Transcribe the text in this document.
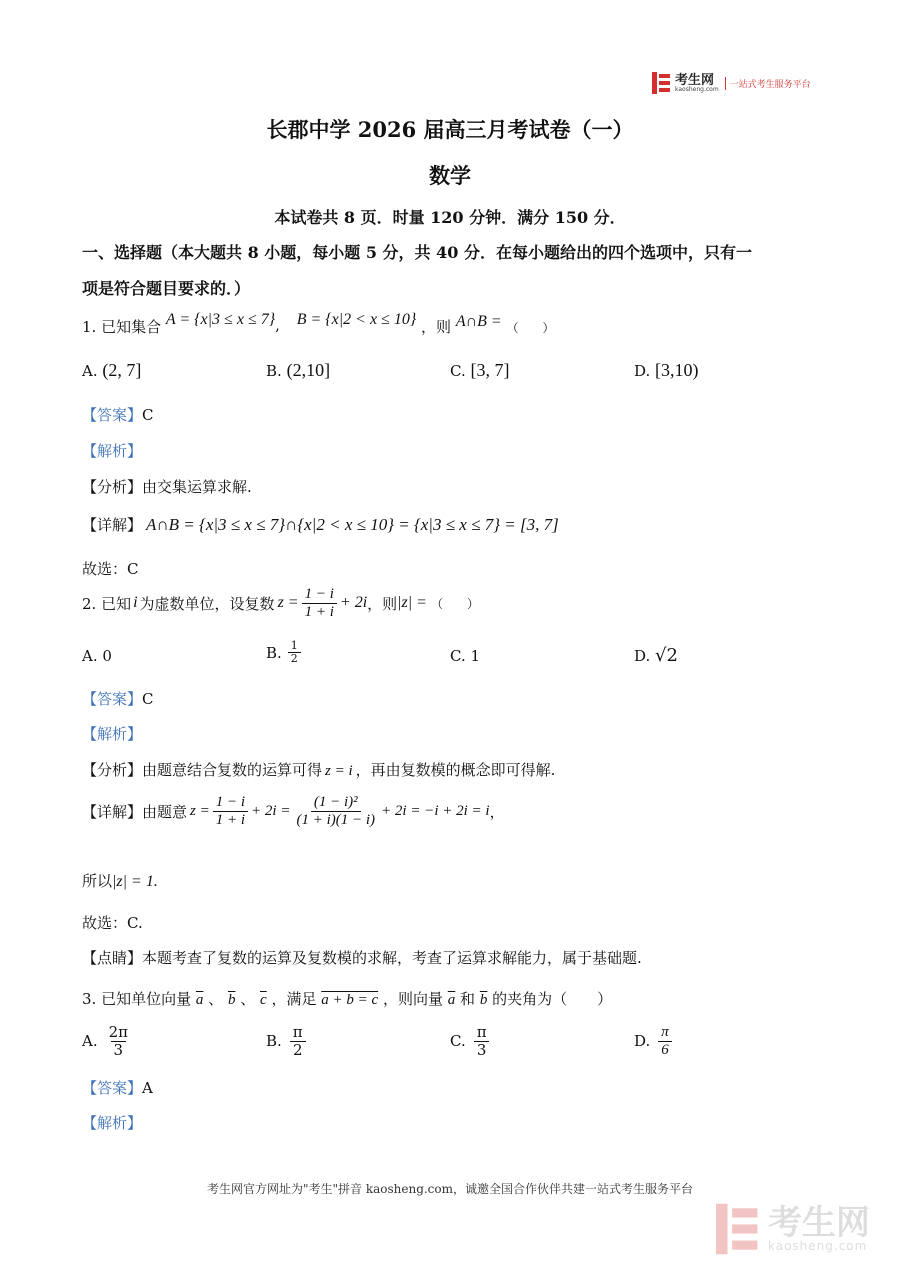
考生网
kaosheng.com	一站式考生服务平台
长郡中学 2026 届高三月考试卷（一）
数学
本试卷共 8 页．时量 120 分钟．满分 150 分．
一、选择题（本大题共 8 小题，每小题 5 分，共 40 分．在每小题给出的四个选项中，只有一
项是符合题目要求的．）
1. 已知集合 A = {x|3 ≤ x ≤ 7}, B = {x|2 < x ≤ 10} ，则 A∩B = （　　）
A. (2, 7]	B. (2,10]	C. [3, 7]	D. [3,10)
【答案】C
【解析】
【分析】由交集运算求解.
【详解】 A∩B = {x|3 ≤ x ≤ 7}∩{x|2 < x ≤ 10} = {x|3 ≤ x ≤ 7} = [3, 7]
故选：C
2. 已知 i 为虚数单位，设复数 $z = \frac{1 - i}{1 + i} + 2i$ ，则 |z| = （　　）
A. 0	B. $\frac{1}{2}$	C. 1	D. √2
【答案】C
【解析】
【分析】由题意结合复数的运算可得 z = i ，再由复数模的概念即可得解.
【详解】 由题意 $z = \frac{1 - i}{1 + i} + 2i = \frac{\text{(1 − i)²}}{(1 + i)(1 - i)} + 2i = -i + 2i = i$ ，
所以|z| = 1.
故选：C.
【点睛】本题考查了复数的运算及复数模的求解，考查了运算求解能力，属于基础题.
3. 已知单位向量 $\overline{a}$ 、 $\overline{b}$ 、 $\overline{c}$ ，满足 a + b = c ，则向量 $\overline{a}$ 和 $\overline{b}$ 的夹角为（　　）
A. $\frac{2\pi}{3}$	B. $\frac{\pi}{2}$	C. $\frac{\pi}{3}$	D. $\frac{\pi}{6}$
【答案】A
【解析】
考生网官方网址为"考生"拼音 kaosheng.com，诚邀全国合作伙伴共建一站式考生服务平台
考生网
kaosheng.com
